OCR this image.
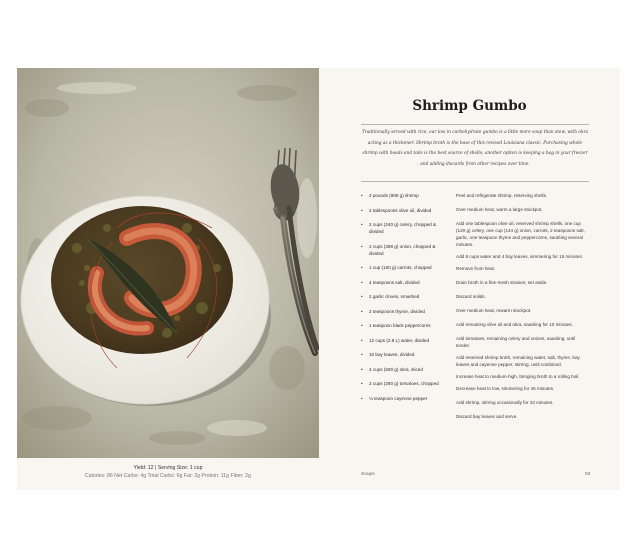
Yield: 12 | Serving Size: 1 cup
Calories: 86 Net Carbs: 4g Total Carbs: 6g Fat: 2g Protein: 11g Fiber: 2g
Shrimp Gumbo
Traditionally served with rice, our low in carbohydrate gumbo is a little more soup than stew, with okra acting as a thickener. Shrimp broth is the base of this revised Louisiana classic. Purchasing whole shrimp with heads and tails is the best source of shells; another option is keeping a bag in your freezer and adding discards from other recipes over time.
• 2 pounds (908 g) shrimp
• 2 tablespoons olive oil, divided
• 2 cups (240 g) celery, chopped & divided
• 2 cups (288 g) onion, chopped & divided
• 1 cup (160 g) carrots, chopped
• 4 teaspoons salt, divided
• 2 garlic cloves, smashed
• 2 teaspoons thyme, divided
• 1 teaspoon black peppercorns
• 12 cups (2.8 L) water, divided
• 10 bay leaves, divided
• 4 cups (500 g) okra, sliced
• 2 cups (280 g) tomatoes, chopped
• ⅛ teaspoon cayenne pepper
Peel and refrigerate shrimp, reserving shells.
Over medium heat, warm a large stockpot.
Add one tablespoon olive oil, reserved shrimp shells, one cup (120 g) celery, one cup (144 g) onion, carrots, 2 teaspoons salt, garlic, one teaspoon thyme and peppercorns, sautéing several minutes.
Add 8 cups water and 4 bay leaves, simmering for 15 minutes.
Remove from heat.
Drain broth in a fine-mesh strainer, set aside.
Discard solids.
Over medium heat, rewarm stockpot.
Add remaining olive oil and okra, sautéing for 10 minutes.
Add tomatoes, remaining celery and onions, sautéing, until tender.
Add reserved shrimp broth, remaining water, salt, thyme, bay leaves and cayenne pepper, stirring, until combined.
Increase heat to medium-high, bringing broth to a rolling boil.
Decrease heat to low, simmering for 45 minutes.
Add shrimp, stirring occasionally for 10 minutes.
Discard bay leaves and serve.
Soups	93
